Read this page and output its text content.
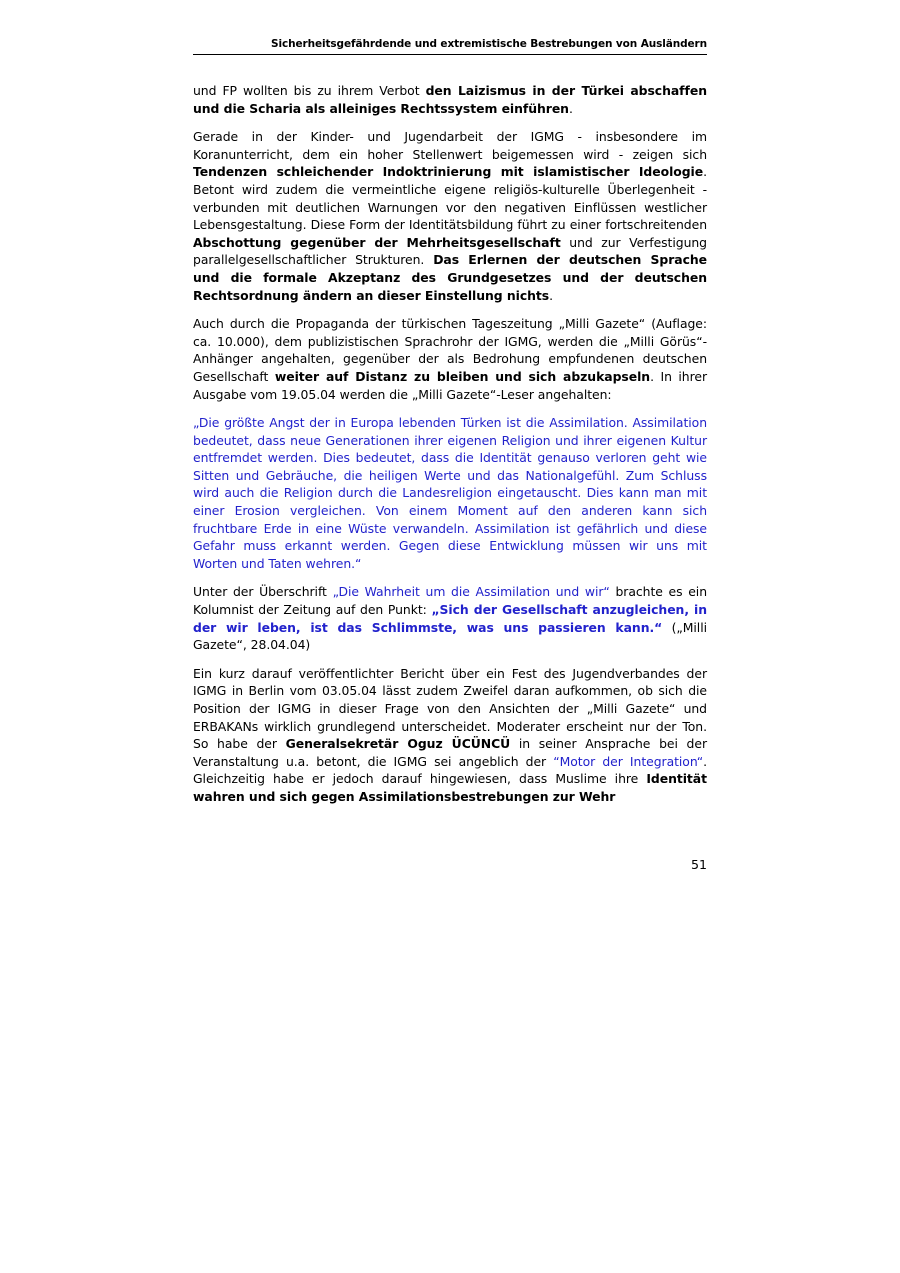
Sicherheitsgefährdende und extremistische Bestrebungen von Ausländern

und FP wollten bis zu ihrem Verbot den Laizismus in der Türkei abschaffen und die Scharia als alleiniges Rechtssystem einführen.

Gerade in der Kinder- und Jugendarbeit der IGMG - insbesondere im Koranunterricht, dem ein hoher Stellenwert beigemessen wird - zeigen sich Tendenzen schleichender Indoktrinierung mit islamistischer Ideologie. Betont wird zudem die vermeintliche eigene religiös-kulturelle Überlegenheit - verbunden mit deutlichen Warnungen vor den negativen Einflüssen westlicher Lebensgestaltung. Diese Form der Identitätsbildung führt zu einer fortschreitenden Abschottung gegenüber der Mehrheitsgesellschaft und zur Verfestigung parallelgesellschaftlicher Strukturen. Das Erlernen der deutschen Sprache und die formale Akzeptanz des Grundgesetzes und der deutschen Rechtsordnung ändern an dieser Einstellung nichts.

Auch durch die Propaganda der türkischen Tageszeitung „Milli Gazete“ (Auflage: ca. 10.000), dem publizistischen Sprachrohr der IGMG, werden die „Milli Görüs“-Anhänger angehalten, gegenüber der als Bedrohung empfundenen deutschen Gesellschaft weiter auf Distanz zu bleiben und sich abzukapseln. In ihrer Ausgabe vom 19.05.04 werden die „Milli Gazete“-Leser angehalten:

„Die größte Angst der in Europa lebenden Türken ist die Assimilation. Assimilation bedeutet, dass neue Generationen ihrer eigenen Religion und ihrer eigenen Kultur entfremdet werden. Dies bedeutet, dass die Identität genauso verloren geht wie Sitten und Gebräuche, die heiligen Werte und das Nationalgefühl. Zum Schluss wird auch die Religion durch die Landesreligion eingetauscht. Dies kann man mit einer Erosion vergleichen. Von einem Moment auf den anderen kann sich fruchtbare Erde in eine Wüste verwandeln. Assimilation ist gefährlich und diese Gefahr muss erkannt werden. Gegen diese Entwicklung müssen wir uns mit Worten und Taten wehren.“

Unter der Überschrift „Die Wahrheit um die Assimilation und wir“ brachte es ein Kolumnist der Zeitung auf den Punkt: „Sich der Gesellschaft anzugleichen, in der wir leben, ist das Schlimmste, was uns passieren kann.“ („Milli Gazete“, 28.04.04)

Ein kurz darauf veröffentlichter Bericht über ein Fest des Jugendverbandes der IGMG in Berlin vom 03.05.04 lässt zudem Zweifel daran aufkommen, ob sich die Position der IGMG in dieser Frage von den Ansichten der „Milli Gazete“ und ERBAKANs wirklich grundlegend unterscheidet. Moderater erscheint nur der Ton. So habe der Generalsekretär Oguz ÜCÜNCÜ in seiner Ansprache bei der Veranstaltung u.a. betont, die IGMG sei angeblich der “Motor der Integration“. Gleichzeitig habe er jedoch darauf hingewiesen, dass Muslime ihre Identität wahren und sich gegen Assimilationsbestrebungen zur Wehr

51
